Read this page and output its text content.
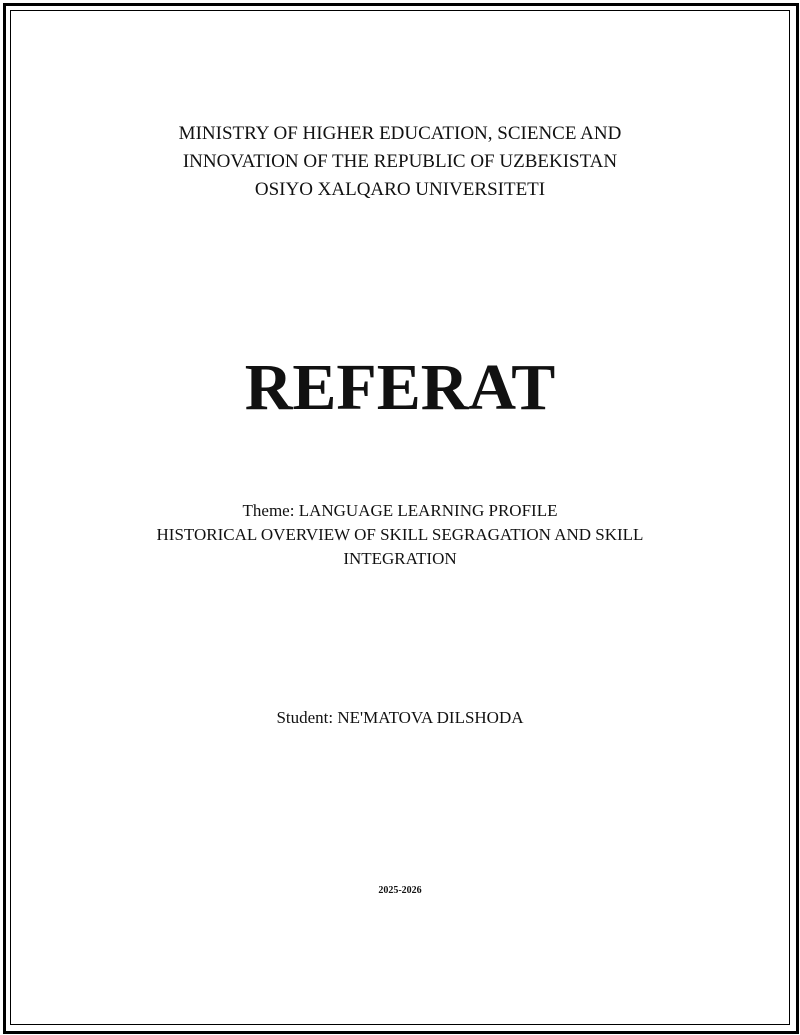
MINISTRY OF HIGHER EDUCATION, SCIENCE AND
INNOVATION OF THE REPUBLIC OF UZBEKISTAN
OSIYO XALQARO UNIVERSITETI
REFERAT
Theme: LANGUAGE LEARNING PROFILE
HISTORICAL OVERVIEW OF SKILL SEGRAGATION AND SKILL
INTEGRATION
Student: NE'MATOVA DILSHODA
2025-2026
